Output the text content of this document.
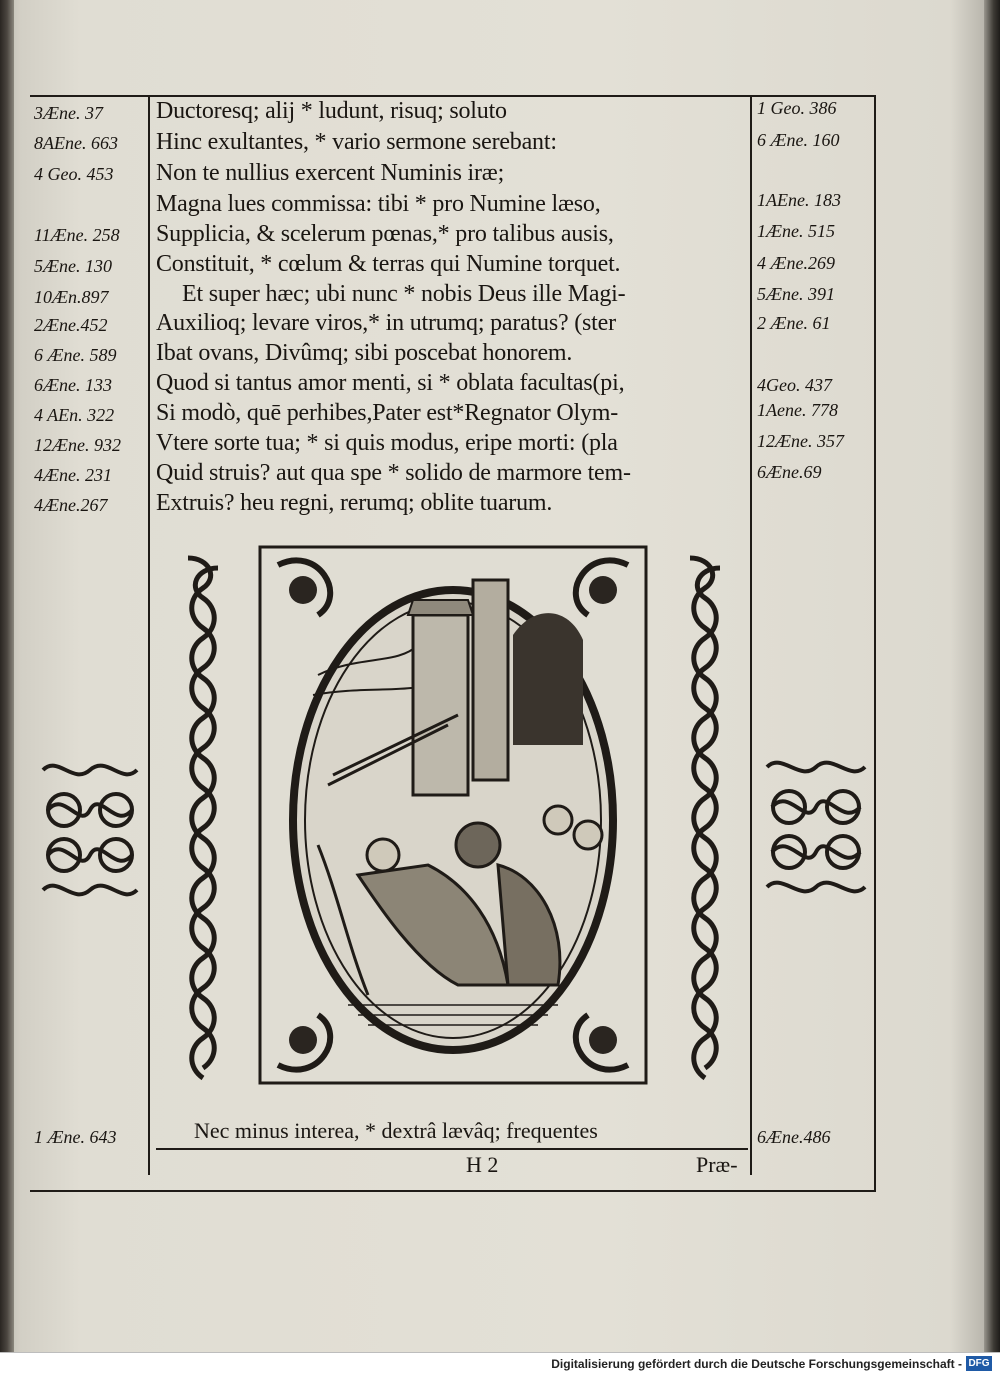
3Æne. 37
8AEne. 663
4 Geo. 453
11Æne. 258
5Æne. 130
10Æn.897
2Æne.452
6 Æne. 589
6Æne. 133
4 AEn. 322
12Æne. 932
4Æne. 231
4Æne.267
1 Æne. 643
1 Geo. 386
6 Æne. 160
1AEne. 183
1Æne. 515
4 Æne.269
5Æne. 391
2 Æne. 61
4Geo. 437
1Aene. 778
12Æne. 357
6Æne.69
6Æne.486
Ductoresq; alij * ludunt, risuq; soluto
Hinc exultantes, * vario sermone serebant:
Non te nullius exercent Numinis iræ;
Magna lues commissa: tibi * pro Numine læso,
Supplicia, & scelerum pœnas,* pro talibus ausis,
Constituit, * cœlum & terras qui Numine torquet.
Et super hæc; ubi nunc * nobis Deus ille Magi-
Auxilioq; levare viros,* in utrumq; paratus? (ster
Ibat ovans, Divûmq; sibi poscebat honorem.
Quod si tantus amor menti, si * oblata facultas(pi,
Si modò, quē perhibes,Pater est*Regnator Olym-
Vtere sorte tua; * si quis modus, eripe morti: (pla
Quid struis? aut qua spe * solido de marmore tem-
Extruis? heu regni, rerumq; oblite tuarum.
Nec minus interea, * dextrâ lævâq; frequentes
H 2	Præ-
Digitalisierung gefördert durch die Deutsche Forschungsgemeinschaft - DFG
